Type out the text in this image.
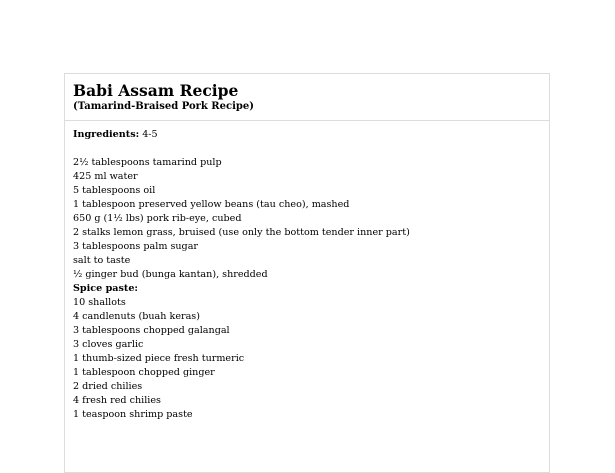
Babi Assam Recipe
(Tamarind-Braised Pork Recipe)
Ingredients: 4-5
2½ tablespoons tamarind pulp
425 ml water
5 tablespoons oil
1 tablespoon preserved yellow beans (tau cheo), mashed
650 g (1½ lbs) pork rib-eye, cubed
2 stalks lemon grass, bruised (use only the bottom tender inner part)
3 tablespoons palm sugar
salt to taste
½ ginger bud (bunga kantan), shredded
Spice paste:
10 shallots
4 candlenuts (buah keras)
3 tablespoons chopped galangal
3 cloves garlic
1 thumb-sized piece fresh turmeric
1 tablespoon chopped ginger
2 dried chilies
4 fresh red chilies
1 teaspoon shrimp paste
